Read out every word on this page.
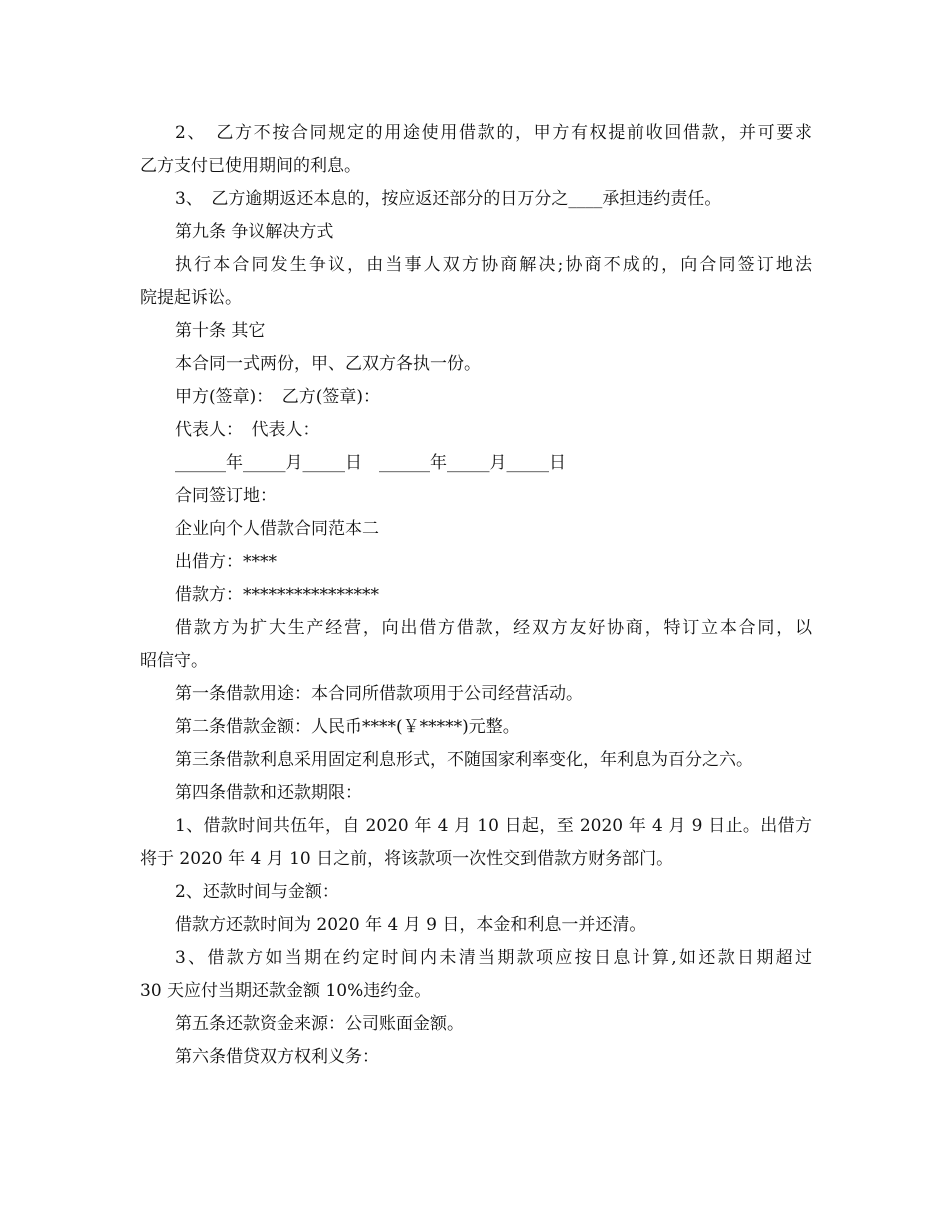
2、　乙方不按合同规定的用途使用借款的，甲方有权提前收回借款，并可要求
乙方支付已使用期间的利息。
3、　乙方逾期返还本息的，按应返还部分的日万分之____承担违约责任。
第九条 争议解决方式
执行本合同发生争议，由当事人双方协商解决;协商不成的，向合同签订地法
院提起诉讼。
第十条 其它
本合同一式两份，甲、乙双方各执一份。
甲方(签章)：　乙方(签章)：
代表人：　代表人：
______年_____月_____日　______年_____月_____日
合同签订地：
企业向个人借款合同范本二
出借方：****
借款方：****************
借款方为扩大生产经营，向出借方借款，经双方友好协商，特订立本合同，以
昭信守。
第一条借款用途：本合同所借款项用于公司经营活动。
第二条借款金额：人民币****(￥*****)元整。
第三条借款利息采用固定利息形式，不随国家利率变化，年利息为百分之六。
第四条借款和还款期限：
1、借款时间共伍年，自 2020 年 4 月 10 日起，至 2020 年 4 月 9 日止。出借方
将于 2020 年 4 月 10 日之前，将该款项一次性交到借款方财务部门。
2、还款时间与金额：
借款方还款时间为 2020 年 4 月 9 日，本金和利息一并还清。
3、借款方如当期在约定时间内未清当期款项应按日息计算,如还款日期超过
30 天应付当期还款金额 10%违约金。
第五条还款资金来源：公司账面金额。
第六条借贷双方权利义务：
